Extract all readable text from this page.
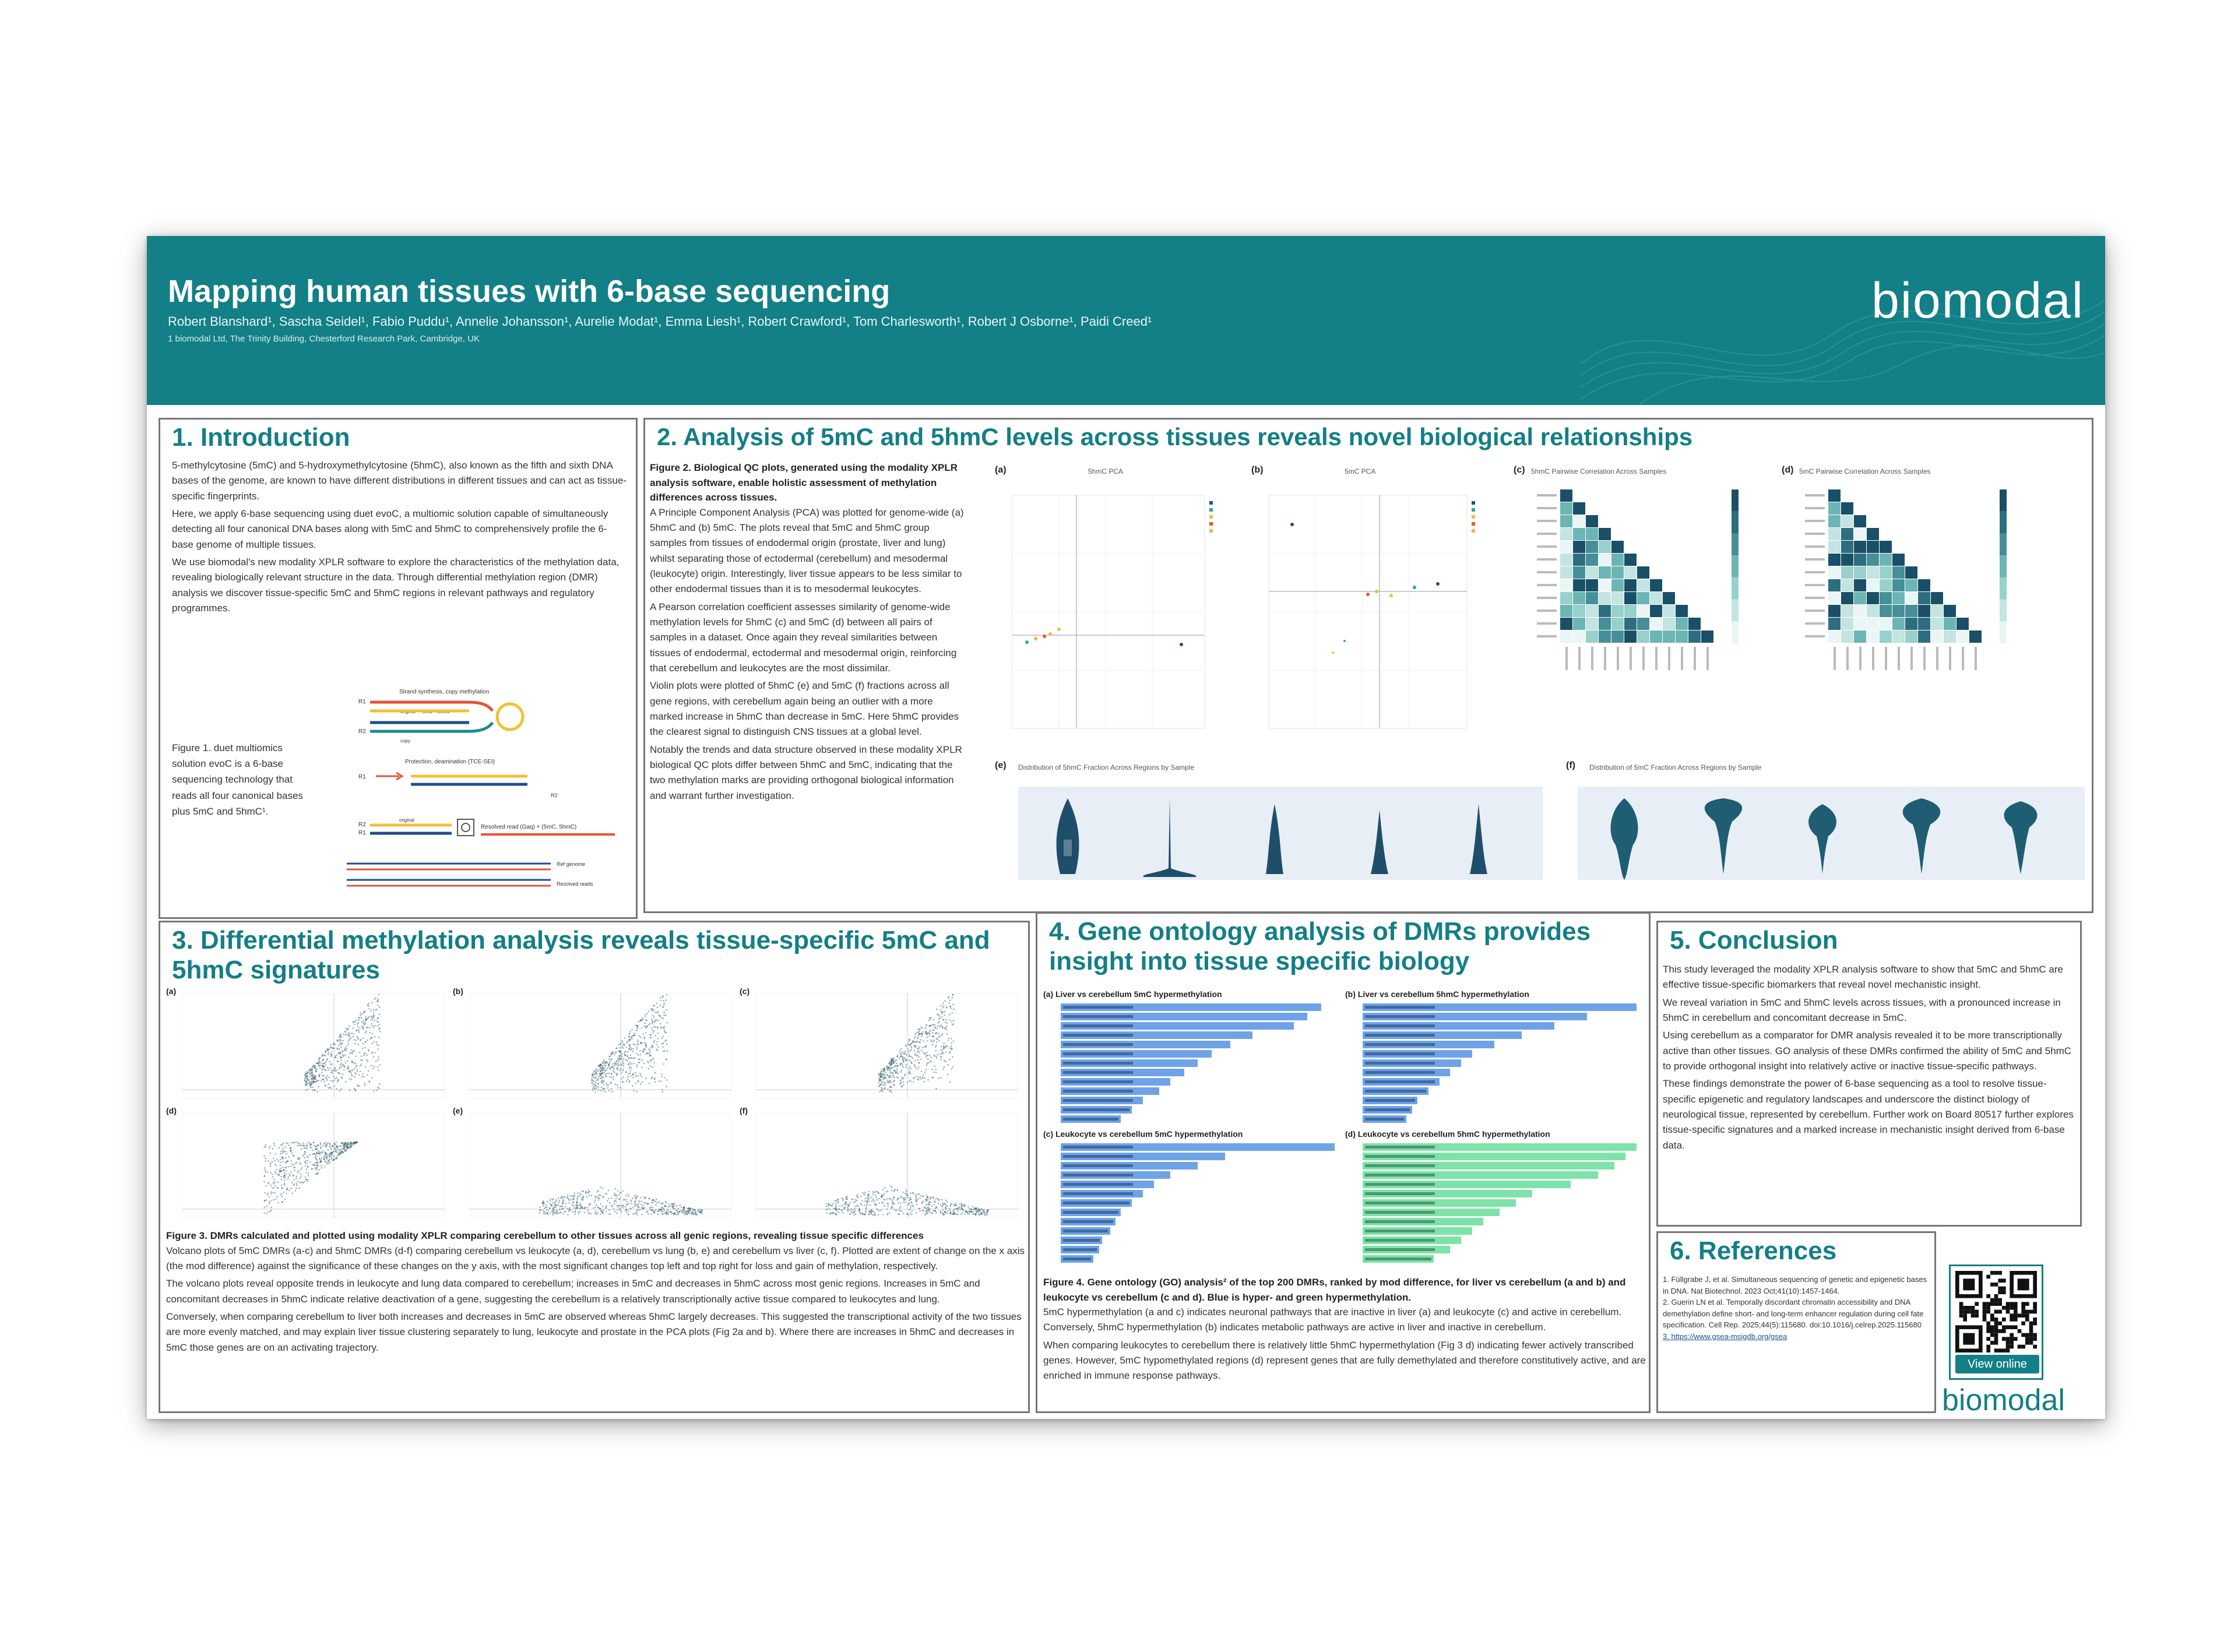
Mapping human tissues with 6-base sequencing
Robert Blanshard¹, Sascha Seidel¹, Fabio Puddu¹, Annelie Johansson¹, Aurelie Modat¹, Emma Liesh¹, Robert Crawford¹, Tom Charlesworth¹, Robert J Osborne¹, Paidi Creed¹
1 biomodal Ltd, The Trinity Building, Chesterford Research Park, Cambridge, UK
biomodal
1. Introduction

5-methylcytosine (5mC) and 5-hydroxymethylcytosine (5hmC), also known as the fifth and sixth DNA bases of the genome, are known to have different distributions in different tissues and can act as tissue-specific fingerprints.

Here, we apply 6-base sequencing using duet evoC, a multiomic solution capable of simultaneously detecting all four canonical DNA bases along with 5mC and 5hmC to comprehensively profile the 6-base genome of multiple tissues.

We use biomodal's new modality XPLR software to explore the characteristics of the methylation data, revealing biologically relevant structure in the data. Through differential methylation region (DMR) analysis we discover tissue-specific 5mC and 5hmC regions in relevant pathways and regulatory programmes.

Figure 1. duet multiomics solution evoC is a 6-base sequencing technology that reads all four canonical bases plus 5mC and 5hmC¹.
R1
R2
Strand synthesis, copy methylation
original 5mC 5hmC
copy
Protection, deamination (TCE-SEI)
R1
R2
R1
original
Resolved read (Gaq) + (5mC, 5hmC)
Ref genome
Resolved reads
R2
2. Analysis of 5mC and 5hmC levels across tissues reveals novel biological relationships
Figure 2. Biological QC plots, generated using the modality XPLR analysis software, enable holistic assessment of methylation differences across tissues.

A Principle Component Analysis (PCA) was plotted for genome-wide (a) 5hmC and (b) 5mC. The plots reveal that 5mC and 5hmC group samples from tissues of endodermal origin (prostate, liver and lung) whilst separating those of ectodermal (cerebellum) and mesodermal (leukocyte) origin. Interestingly, liver tissue appears to be less similar to other endodermal tissues than it is to mesodermal leukocytes.

A Pearson correlation coefficient assesses similarity of genome-wide methylation levels for 5hmC (c) and 5mC (d) between all pairs of samples in a dataset. Once again they reveal similarities between tissues of endodermal, ectodermal and mesodermal origin, reinforcing that cerebellum and leukocytes are the most dissimilar.

Violin plots were plotted of 5hmC (e) and 5mC (f) fractions across all gene regions, with cerebellum again being an outlier with a more marked increase in 5hmC than decrease in 5mC. Here 5hmC provides the clearest signal to distinguish CNS tissues at a global level.

Notably the trends and data structure observed in these modality XPLR biological QC plots differ between 5hmC and 5mC, indicating that the two methylation marks are providing orthogonal biological information and warrant further investigation.

(a)	(b)	(c)	(d)
5hmC PCA	5mC PCA	5hmC Pairwise Correlation Across Samples	5mC Pairwise Correlation Across Samples
(e)	(f)
Distribution of 5hmC Fraction Across Regions by Sample	Distribution of 5mC Fraction Across Regions by Sample
3. Differential methylation analysis reveals tissue-specific 5mC and 5hmC signatures
(a)	(b)	(c)
(d)	(e)	(f)
Figure 3. DMRs calculated and plotted using modality XPLR comparing cerebellum to other tissues across all genic regions, revealing tissue specific differences

Volcano plots of 5mC DMRs (a-c) and 5hmC DMRs (d-f) comparing cerebellum vs leukocyte (a, d), cerebellum vs lung (b, e) and cerebellum vs liver (c, f). Plotted are extent of change on the x axis (the mod difference) against the significance of these changes on the y axis, with the most significant changes top left and top right for loss and gain of methylation, respectively.

The volcano plots reveal opposite trends in leukocyte and lung data compared to cerebellum; increases in 5mC and decreases in 5hmC across most genic regions. Increases in 5mC and concomitant decreases in 5hmC indicate relative deactivation of a gene, suggesting the cerebellum is a relatively transcriptionally active tissue compared to leukocytes and lung.

Conversely, when comparing cerebellum to liver both increases and decreases in 5mC are observed whereas 5hmC largely decreases. This suggested the transcriptional activity of the two tissues are more evenly matched, and may explain liver tissue clustering separately to lung, leukocyte and prostate in the PCA plots (Fig 2a and b). Where there are increases in 5hmC and decreases in 5mC those genes are on an activating trajectory.

4. Gene ontology analysis of DMRs provides insight into tissue specific biology
(a) Liver vs cerebellum 5mC hypermethylation	(b) Liver vs cerebellum 5hmC hypermethylation
(c) Leukocyte vs cerebellum 5mC hypermethylation	(d) Leukocyte vs cerebellum 5hmC hypermethylation
Figure 4. Gene ontology (GO) analysis² of the top 200 DMRs, ranked by mod difference, for liver vs cerebellum (a and b) and leukocyte vs cerebellum (c and d). Blue is hyper- and green hypermethylation.

5mC hypermethylation (a and c) indicates neuronal pathways that are inactive in liver (a) and leukocyte (c) and active in cerebellum. Conversely, 5hmC hypermethylation (b) indicates metabolic pathways are active in liver and inactive in cerebellum.

When comparing leukocytes to cerebellum there is relatively little 5hmC hypermethylation (Fig 3 d) indicating fewer actively transcribed genes. However, 5mC hypomethylated regions (d) represent genes that are fully demethylated and therefore constitutively active, and are enriched in immune response pathways.

5. Conclusion

This study leveraged the modality XPLR analysis software to show that 5mC and 5hmC are effective tissue-specific biomarkers that reveal novel mechanistic insight.

We reveal variation in 5mC and 5hmC levels across tissues, with a pronounced increase in 5hmC in cerebellum and concomitant decrease in 5mC.

Using cerebellum as a comparator for DMR analysis revealed it to be more transcriptionally active than other tissues. GO analysis of these DMRs confirmed the ability of 5mC and 5hmC to provide orthogonal insight into relatively active or inactive tissue-specific pathways.

These findings demonstrate the power of 6-base sequencing as a tool to resolve tissue-specific epigenetic and regulatory landscapes and underscore the distinct biology of neurological tissue, represented by cerebellum. Further work on Board 80517 further explores tissue-specific signatures and a marked increase in mechanistic insight derived from 6-base data.

6. References
1. Füllgrabe J, et al. Simultaneous sequencing of genetic and epigenetic bases in DNA. Nat Biotechnol. 2023 Oct;41(10):1457-1464.
2. Guerin LN et al. Temporally discordant chromatin accessibility and DNA demethylation define short- and long-term enhancer regulation during cell fate specification. Cell Rep. 2025;44(5):115680. doi:10.1016/j.celrep.2025.115680
3. https://www.gsea-msigdb.org/gsea
View online
biomodal
